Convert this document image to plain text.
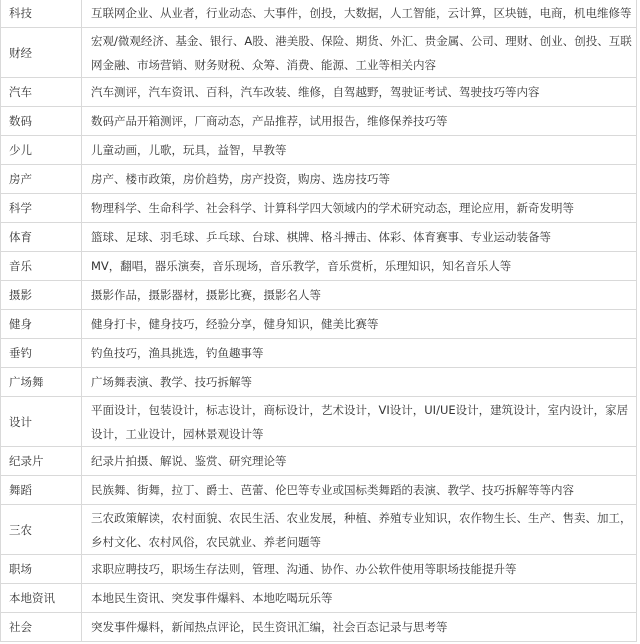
科技	互联网企业、从业者，行业动态、大事件，创投，大数据，人工智能，云计算，区块链，电商，机电维修等
财经	宏观/微观经济、基金、银行、A股、港美股、保险、期货、外汇、贵金属、公司、理财、创业、创投、互联网金融、市场营销、财务财税、众筹、消费、能源、工业等相关内容
汽车	汽车测评，汽车资讯、百科，汽车改装、维修，自驾越野，驾驶证考试、驾驶技巧等内容
数码	数码产品开箱测评，厂商动态，产品推荐，试用报告，维修保养技巧等
少儿	儿童动画，儿歌，玩具，益智，早教等
房产	房产、楼市政策，房价趋势，房产投资，购房、选房技巧等
科学	物理科学、生命科学、社会科学、计算科学四大领域内的学术研究动态，理论应用，新奇发明等
体育	篮球、足球、羽毛球、乒乓球、台球、棋牌、格斗搏击、体彩、体育赛事、专业运动装备等
音乐	MV，翻唱，器乐演奏，音乐现场，音乐教学，音乐赏析，乐理知识，知名音乐人等
摄影	摄影作品，摄影器材，摄影比赛，摄影名人等
健身	健身打卡，健身技巧，经验分享，健身知识，健美比赛等
垂钓	钓鱼技巧，渔具挑选，钓鱼趣事等
广场舞	广场舞表演、教学、技巧拆解等
设计	平面设计，包装设计，标志设计，商标设计，艺术设计，VI设计，UI/UE设计，建筑设计，室内设计，家居设计，工业设计，园林景观设计等
纪录片	纪录片拍摄、解说、鉴赏、研究理论等
舞蹈	民族舞、街舞，拉丁、爵士、芭蕾、伦巴等专业或国标类舞蹈的表演、教学、技巧拆解等等内容
三农	三农政策解读，农村面貌、农民生活、农业发展，种植、养殖专业知识，农作物生长、生产、售卖、加工，乡村文化、农村风俗，农民就业、养老问题等
职场	求职应聘技巧，职场生存法则，管理、沟通、协作、办公软件使用等职场技能提升等
本地资讯	本地民生资讯、突发事件爆料、本地吃喝玩乐等
社会	突发事件爆料，新闻热点评论，民生资讯汇编，社会百态记录与思考等
